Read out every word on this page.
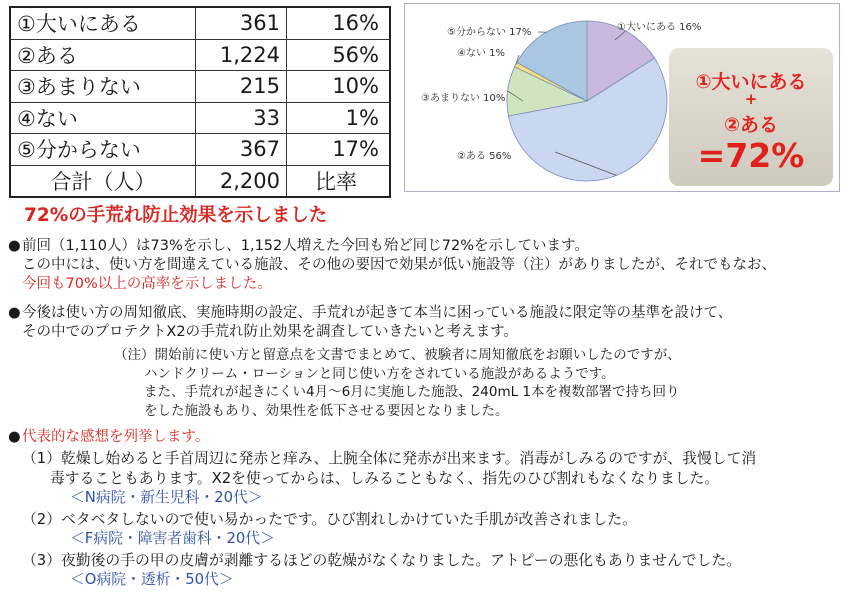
①大いにある	361	16%
②ある	1,224	56%
③あまりない	215	10%
④ない	33	1%
⑤分からない	367	17%
合計（人）	2,200	比率
①大いにある 16%
②ある 56%
③あまりない 10%
④ない 1%
⑤分からない 17%
①大いにある
+
②ある
=72%
72%の手荒れ防止効果を示しました
● 前回（1,110人）は73%を示し、1,152人増えた今回も殆ど同じ72%を示しています。
この中には、使い方を間違えている施設、その他の要因で効果が低い施設等（注）がありましたが、それでもなお、
今回も70%以上の高率を示しました。
● 今後は使い方の周知徹底、実施時期の設定、手荒れが起きて本当に困っている施設に限定等の基準を設けて、
その中でのプロテクトX2の手荒れ防止効果を調査していきたいと考えます。
（注）開始前に使い方と留意点を文書でまとめて、被験者に周知徹底をお願いしたのですが、

ハンドクリーム・ローションと同じ使い方をされている施設があるようです。
また、手荒れが起きにくい4月〜6月に実施した施設、240mL 1本を複数部署で持ち回り
をした施設もあり、効果性を低下させる要因となりました。
● 代表的な感想を列挙します。
（1）乾燥し始めると手首周辺に発赤と痒み、上腕全体に発赤が出来ます。消毒がしみるのですが、我慢して消

毒することもあります。X2を使ってからは、しみることもなく、指先のひび割れもなくなりました。
＜N病院・新生児科・20代＞
（2）ベタベタしないので使い易かったです。ひび割れしかけていた手肌が改善されました。

＜F病院・障害者歯科・20代＞
（3）夜勤後の手の甲の皮膚が剥離するほどの乾燥がなくなりました。アトピーの悪化もありませんでした。

＜O病院・透析・50代＞
